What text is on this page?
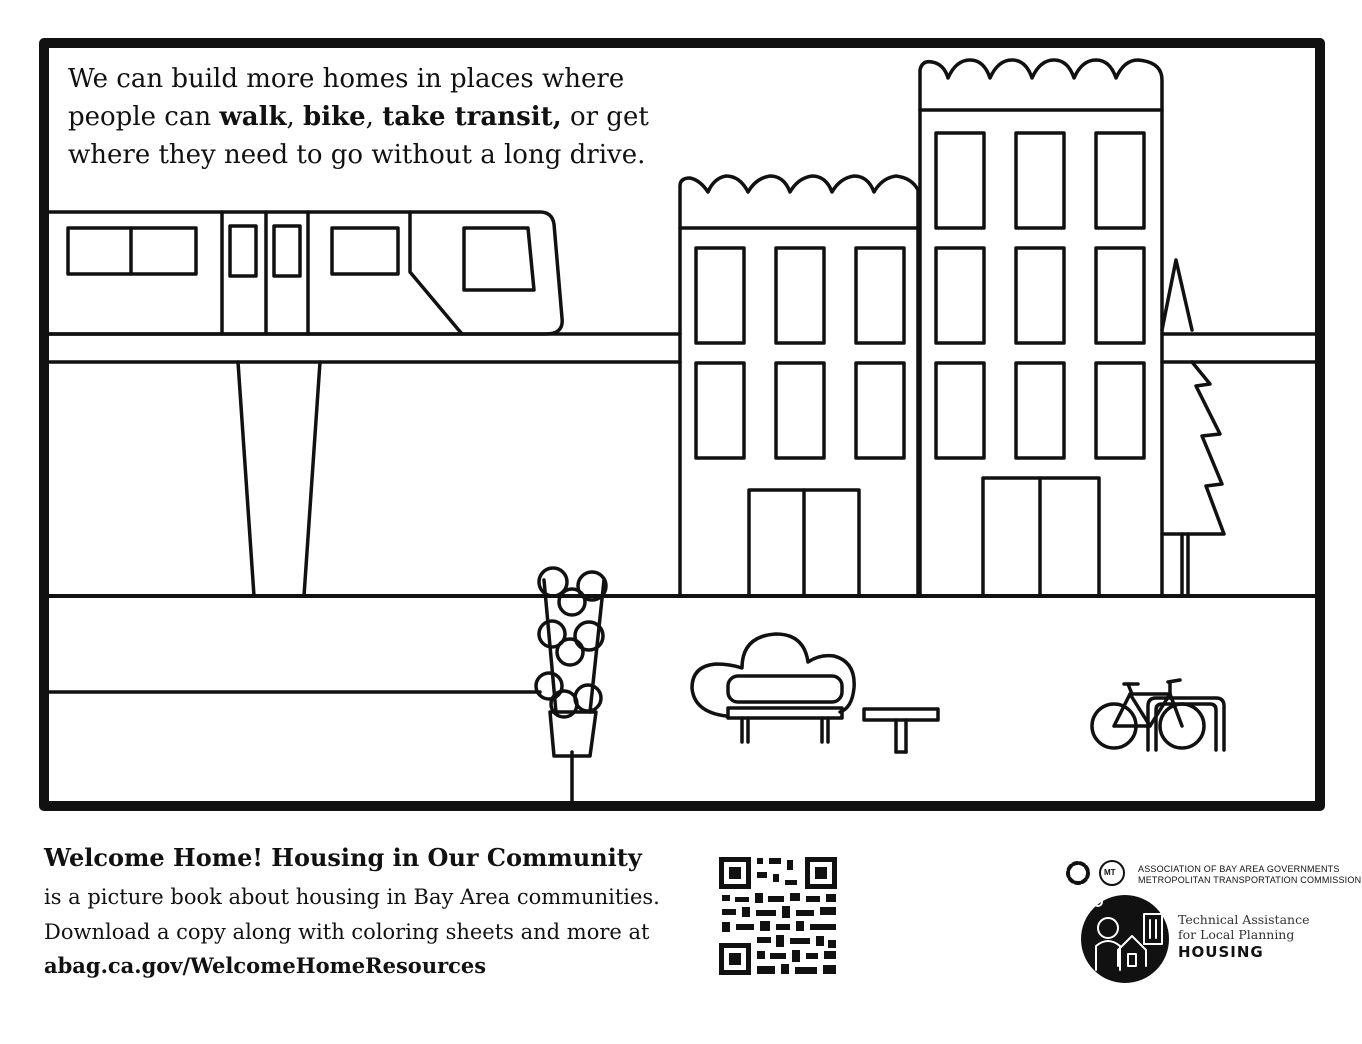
We can build more homes in places where
people can walk, bike, take transit, or get
where they need to go without a long drive.
Welcome Home! Housing in Our Community
is a picture book about housing in Bay Area communities.
Download a copy along with coloring sheets and more at
abag.ca.gov/WelcomeHomeResources
MT ASSOCIATION OF BAY AREA GOVERNMENTS
METROPOLITAN TRANSPORTATION COMMISSION
Technical Assistance
for Local Planning
HOUSING
